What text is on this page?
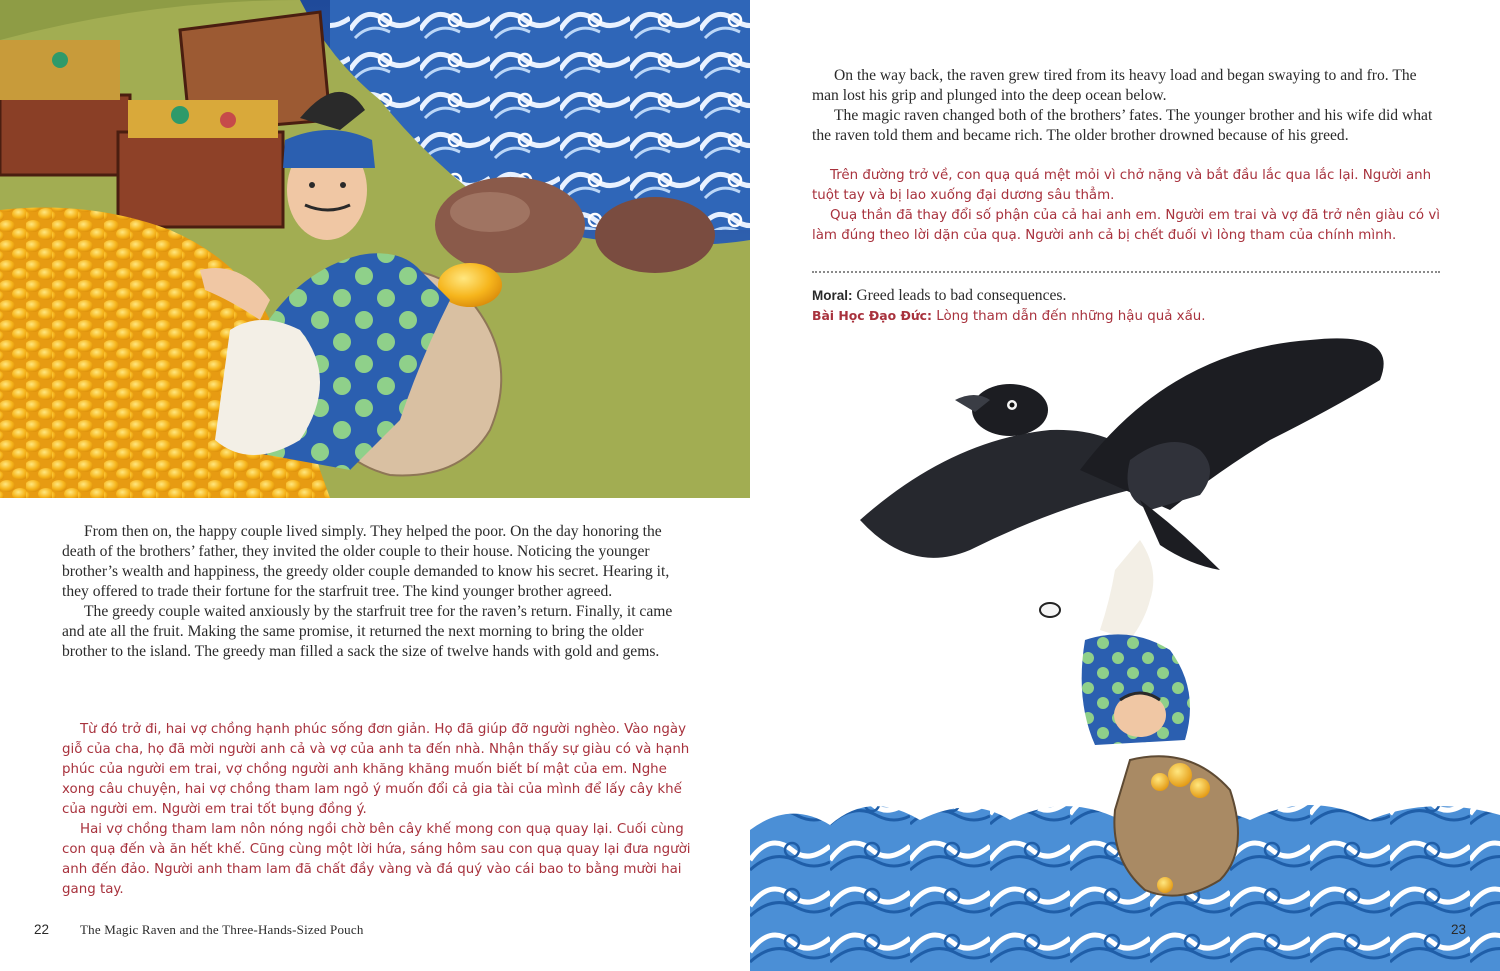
From then on, the happy couple lived simply. They helped the poor. On the day honoring the death of the brothers’ father, they invited the older couple to their house. Noticing the younger brother’s wealth and happiness, the greedy older couple demanded to know his secret. Hearing it, they offered to trade their fortune for the starfruit tree. The kind younger brother agreed.

The greedy couple waited anxiously by the starfruit tree for the raven’s return. Finally, it came and ate all the fruit. Making the same promise, it returned the next morning to bring the older brother to the island. The greedy man filled a sack the size of twelve hands with gold and gems.

Từ đó trở đi, hai vợ chồng hạnh phúc sống đơn giản. Họ đã giúp đỡ người nghèo. Vào ngày giỗ của cha, họ đã mời người anh cả và vợ của anh ta đến nhà. Nhận thấy sự giàu có và hạnh phúc của người em trai, vợ chồng người anh khăng khăng muốn biết bí mật của em. Nghe xong câu chuyện, hai vợ chồng tham lam ngỏ ý muốn đổi cả gia tài của mình để lấy cây khế của người em. Người em trai tốt bụng đồng ý.

Hai vợ chồng tham lam nôn nóng ngồi chờ bên cây khế mong con quạ quay lại. Cuối cùng con quạ đến và ăn hết khế. Cũng cùng một lời hứa, sáng hôm sau con quạ quay lại đưa người anh đến đảo. Người anh tham lam đã chất đầy vàng và đá quý vào cái bao to bằng mười hai gang tay.

22 The Magic Raven and the Three-Hands-Sized Pouch

On the way back, the raven grew tired from its heavy load and began swaying to and fro. The man lost his grip and plunged into the deep ocean below.

The magic raven changed both of the brothers’ fates. The younger brother and his wife did what the raven told them and became rich. The older brother drowned because of his greed.

Trên đường trở về, con quạ quá mệt mỏi vì chở nặng và bắt đầu lắc qua lắc lại. Người anh tuột tay và bị lao xuống đại dương sâu thẳm.

Quạ thần đã thay đổi số phận của cả hai anh em. Người em trai và vợ đã trở nên giàu có vì làm đúng theo lời dặn của quạ. Người anh cả bị chết đuối vì lòng tham của chính mình.

Moral: Greed leads to bad consequences.
Bài Học Đạo Đức: Lòng tham dẫn đến những hậu quả xấu.
23
